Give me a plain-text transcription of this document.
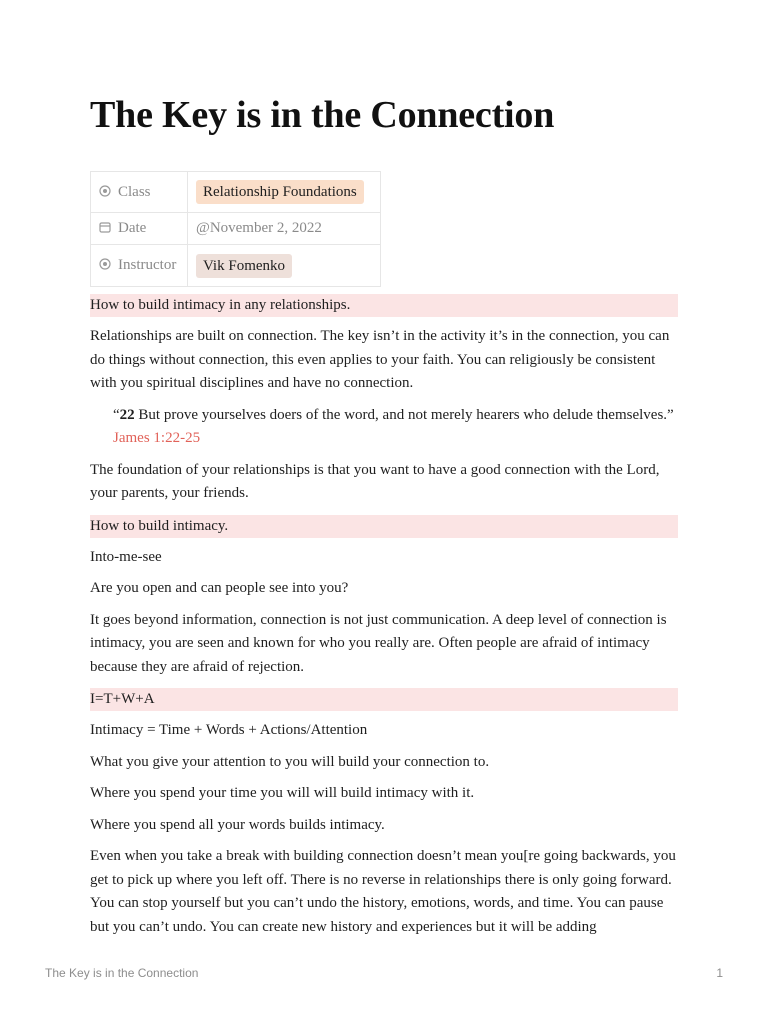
The Key is in the Connection
Class	Relationship Foundations
Date	@November 2, 2022
Instructor	Vik Fomenko

How to build intimacy in any relationships.

Relationships are built on connection. The key isn’t in the activity it’s in the connection, you can do things without connection, this even applies to your faith. You can religiously be consistent with you spiritual disciplines and have no connection.

“22 But prove yourselves doers of the word, and not merely hearers who delude themselves.”
James 1:22-25

The foundation of your relationships is that you want to have a good connection with the Lord, your parents, your friends.

How to build intimacy.

Into-me-see

Are you open and can people see into you?

It goes beyond information, connection is not just communication. A deep level of connection is intimacy, you are seen and known for who you really are. Often people are afraid of intimacy because they are afraid of rejection.

I=T+W+A

Intimacy = Time + Words + Actions/Attention

What you give your attention to you will build your connection to.

Where you spend your time you will will build intimacy with it.

Where you spend all your words builds intimacy.

Even when you take a break with building connection doesn’t mean you[re going backwards, you get to pick up where you left off. There is no reverse in relationships there is only going forward. You can stop yourself but you can’t undo the history, emotions, words, and time. You can pause but you can’t undo. You can create new history and experiences but it will be adding

The Key is in the Connection	1
